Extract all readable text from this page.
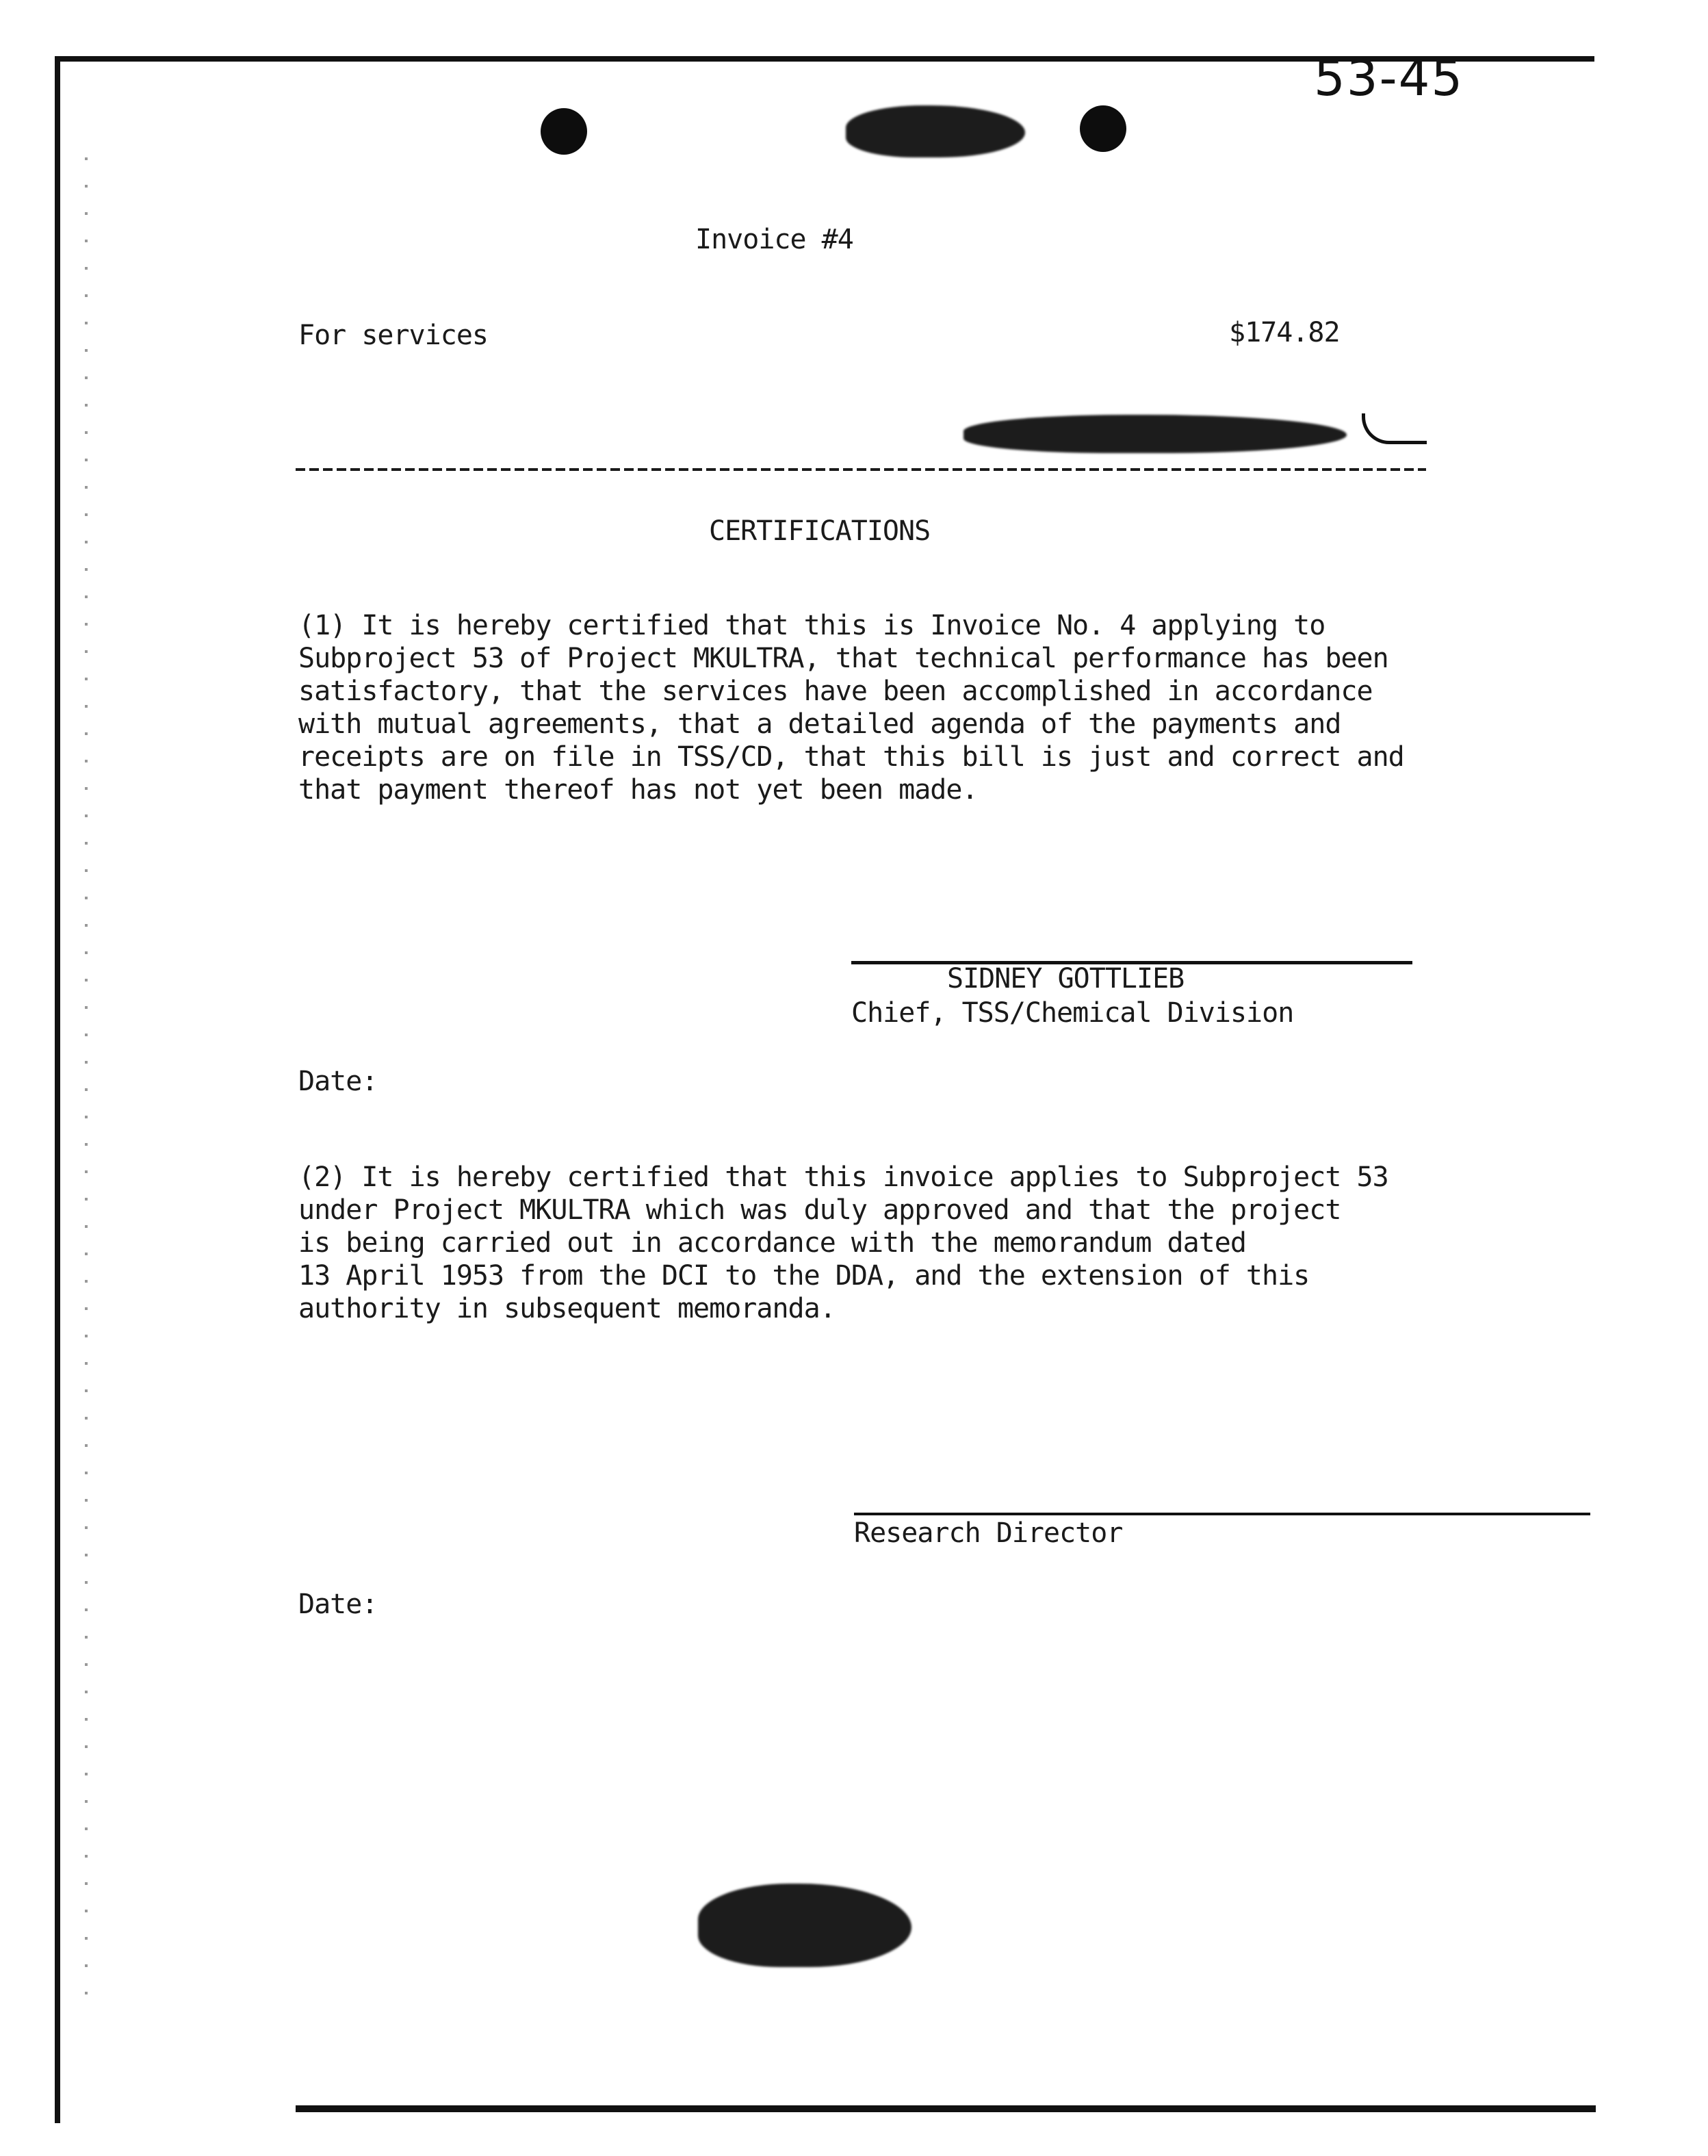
53-45
Invoice #4
For services	$174.82
CERTIFICATIONS

(1) It is hereby certified that this is Invoice No. 4 applying to

Subproject 53 of Project MKULTRA, that technical performance has been

satisfactory, that the services have been accomplished in accordance

with mutual agreements, that a detailed agenda of the payments and

receipts are on file in TSS/CD, that this bill is just and correct and

that payment thereof has not yet been made.

SIDNEY GOTTLIEB
Chief, TSS/Chemical Division
Date:

(2) It is hereby certified that this invoice applies to Subproject 53

under Project MKULTRA which was duly approved and that the project

is being carried out in accordance with the memorandum dated

13 April 1953 from the DCI to the DDA, and the extension of this

authority in subsequent memoranda.

Research Director
Date:
